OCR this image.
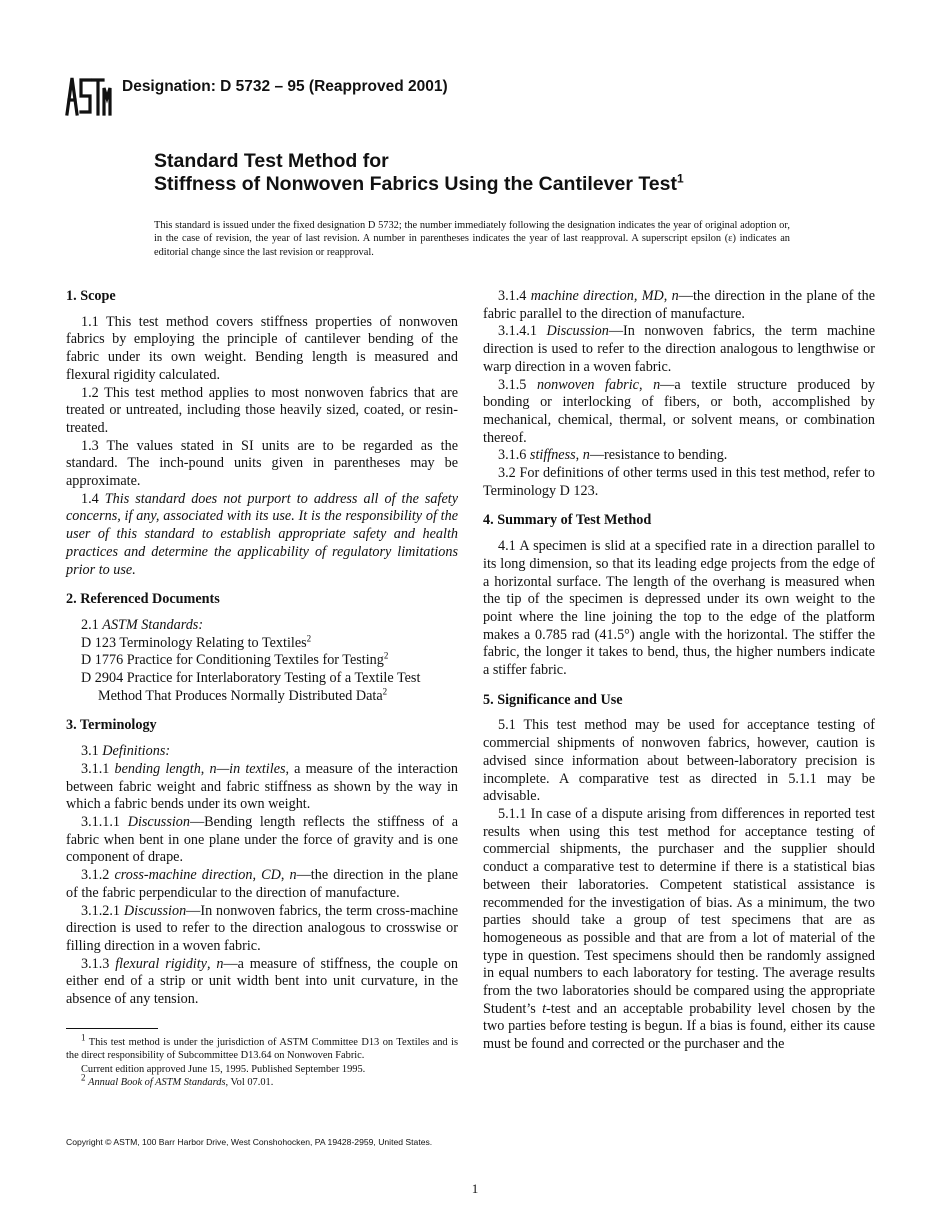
Designation: D 5732 – 95 (Reapproved 2001)
Standard Test Method for
Stiffness of Nonwoven Fabrics Using the Cantilever Test$^1$
This standard is issued under the fixed designation D 5732; the number immediately following the designation indicates the year of original adoption or, in the case of revision, the year of last revision. A number in parentheses indicates the year of last reapproval. A superscript epsilon (ε) indicates an editorial change since the last revision or reapproval.
1. Scope

1.1 This test method covers stiffness properties of nonwoven fabrics by employing the principle of cantilever bending of the fabric under its own weight. Bending length is measured and flexural rigidity calculated.

1.2 This test method applies to most nonwoven fabrics that are treated or untreated, including those heavily sized, coated, or resin-treated.

1.3 The values stated in SI units are to be regarded as the standard. The inch-pound units given in parentheses may be approximate.

1.4 This standard does not purport to address all of the safety concerns, if any, associated with its use. It is the responsibility of the user of this standard to establish appropriate safety and health practices and determine the applicability of regulatory limitations prior to use.

2. Referenced Documents

2.1 ASTM Standards:

D 123 Terminology Relating to Textiles$^2$

D 1776 Practice for Conditioning Textiles for Testing$^2$

D 2904 Practice for Interlaboratory Testing of a Textile Test Method That Produces Normally Distributed Data$^2$

3. Terminology

3.1 Definitions:

3.1.1 bending length, n—in textiles, a measure of the interaction between fabric weight and fabric stiffness as shown by the way in which a fabric bends under its own weight.

3.1.1.1 Discussion—Bending length reflects the stiffness of a fabric when bent in one plane under the force of gravity and is one component of drape.

3.1.2 cross-machine direction, CD, n—the direction in the plane of the fabric perpendicular to the direction of manufacture.

3.1.2.1 Discussion—In nonwoven fabrics, the term cross-machine direction is used to refer to the direction analogous to crosswise or filling direction in a woven fabric.

3.1.3 flexural rigidity, n—a measure of stiffness, the couple on either end of a strip or unit width bent into unit curvature, in the absence of any tension.

$^1$ This test method is under the jurisdiction of ASTM Committee D13 on Textiles and is the direct responsibility of Subcommittee D13.64 on Nonwoven Fabric.

Current edition approved June 15, 1995. Published September 1995.

$^2$ Annual Book of ASTM Standards, Vol 07.01.

3.1.4 machine direction, MD, n—the direction in the plane of the fabric parallel to the direction of manufacture.

3.1.4.1 Discussion—In nonwoven fabrics, the term machine direction is used to refer to the direction analogous to lengthwise or warp direction in a woven fabric.

3.1.5 nonwoven fabric, n—a textile structure produced by bonding or interlocking of fibers, or both, accomplished by mechanical, chemical, thermal, or solvent means, or combination thereof.

3.1.6 stiffness, n—resistance to bending.

3.2 For definitions of other terms used in this test method, refer to Terminology D 123.

4. Summary of Test Method

4.1 A specimen is slid at a specified rate in a direction parallel to its long dimension, so that its leading edge projects from the edge of a horizontal surface. The length of the overhang is measured when the tip of the specimen is depressed under its own weight to the point where the line joining the top to the edge of the platform makes a 0.785 rad (41.5°) angle with the horizontal. The stiffer the fabric, the longer it takes to bend, thus, the higher numbers indicate a stiffer fabric.

5. Significance and Use

5.1 This test method may be used for acceptance testing of commercial shipments of nonwoven fabrics, however, caution is advised since information about between-laboratory precision is incomplete. A comparative test as directed in 5.1.1 may be advisable.

5.1.1 In case of a dispute arising from differences in reported test results when using this test method for acceptance testing of commercial shipments, the purchaser and the supplier should conduct a comparative test to determine if there is a statistical bias between their laboratories. Competent statistical assistance is recommended for the investigation of bias. As a minimum, the two parties should take a group of test specimens that are as homogeneous as possible and that are from a lot of material of the type in question. Test specimens should then be randomly assigned in equal numbers to each laboratory for testing. The average results from the two laboratories should be compared using the appropriate Student’s t-test and an acceptable probability level chosen by the two parties before testing is begun. If a bias is found, either its cause must be found and corrected or the purchaser and the

Copyright © ASTM, 100 Barr Harbor Drive, West Conshohocken, PA 19428-2959, United States.
1
